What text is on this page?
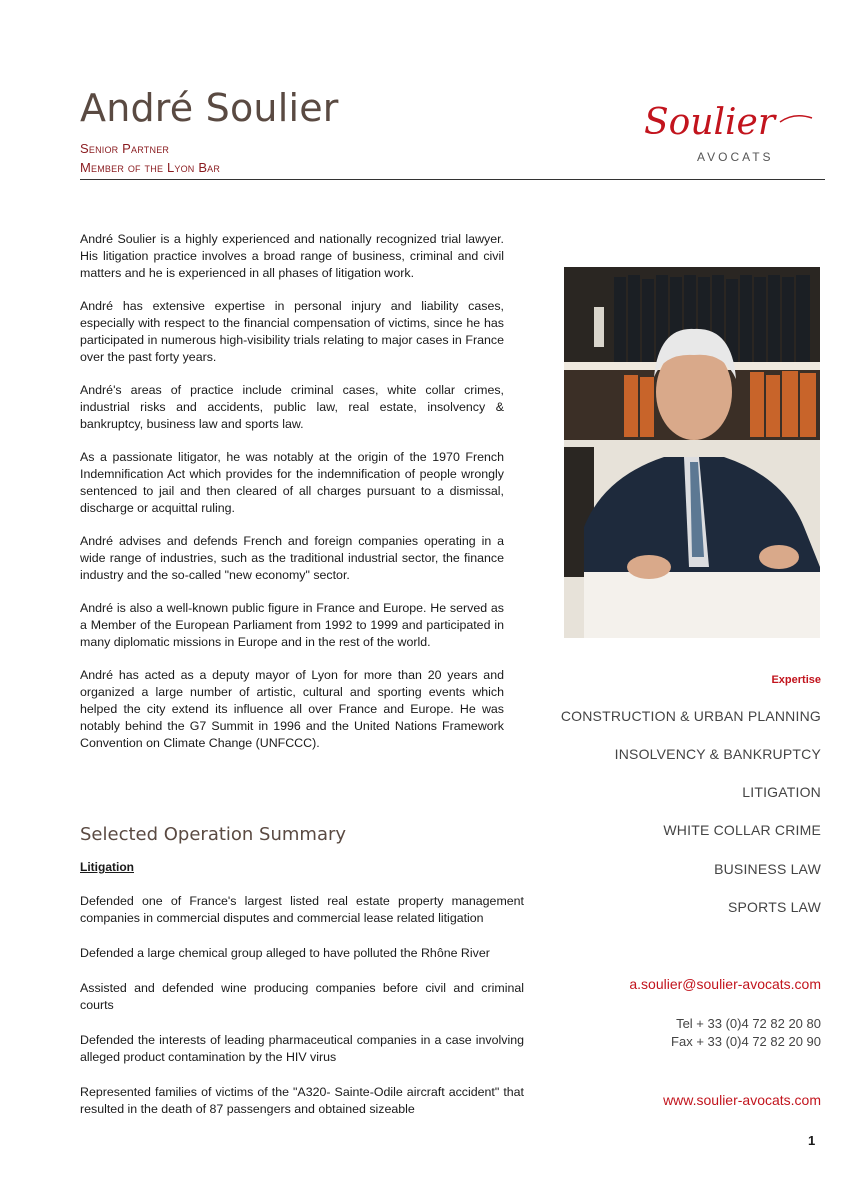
André Soulier
Senior Partner
Member of the Lyon Bar
Soulier
AVOCATS

André Soulier is a highly experienced and nationally recognized trial lawyer. His litigation practice involves a broad range of business, criminal and civil matters and he is experienced in all phases of litigation work.

André has extensive expertise in personal injury and liability cases, especially with respect to the financial compensation of victims, since he has participated in numerous high-visibility trials relating to major cases in France over the past forty years.

André's areas of practice include criminal cases, white collar crimes, industrial risks and accidents, public law, real estate, insolvency & bankruptcy, business law and sports law.

As a passionate litigator, he was notably at the origin of the 1970 French Indemnification Act which provides for the indemnification of people wrongly sentenced to jail and then cleared of all charges pursuant to a dismissal, discharge or acquittal ruling.

André advises and defends French and foreign companies operating in a wide range of industries, such as the traditional industrial sector, the finance industry and the so-called "new economy" sector.

André is also a well-known public figure in France and Europe. He served as a Member of the European Parliament from 1992 to 1999 and participated in many diplomatic missions in Europe and in the rest of the world.

André has acted as a deputy mayor of Lyon for more than 20 years and organized a large number of artistic, cultural and sporting events which helped the city extend its influence all over France and Europe. He was notably behind the G7 Summit in 1996 and the United Nations Framework Convention on Climate Change (UNFCCC).

Expertise
CONSTRUCTION & URBAN PLANNING
INSOLVENCY & BANKRUPTCY
LITIGATION
WHITE COLLAR CRIME
BUSINESS LAW
SPORTS LAW
a.soulier@soulier-avocats.com
Tel + 33 (0)4 72 82 20 80
Fax + 33 (0)4 72 82 20 90
www.soulier-avocats.com
Selected Operation Summary
Litigation

Defended one of France's largest listed real estate property management companies in commercial disputes and commercial lease related litigation

Defended a large chemical group alleged to have polluted the Rhône River

Assisted and defended wine producing companies before civil and criminal courts

Defended the interests of leading pharmaceutical companies in a case involving alleged product contamination by the HIV virus

Represented families of victims of the "A320- Sainte-Odile aircraft accident" that resulted in the death of 87 passengers and obtained sizeable

1
